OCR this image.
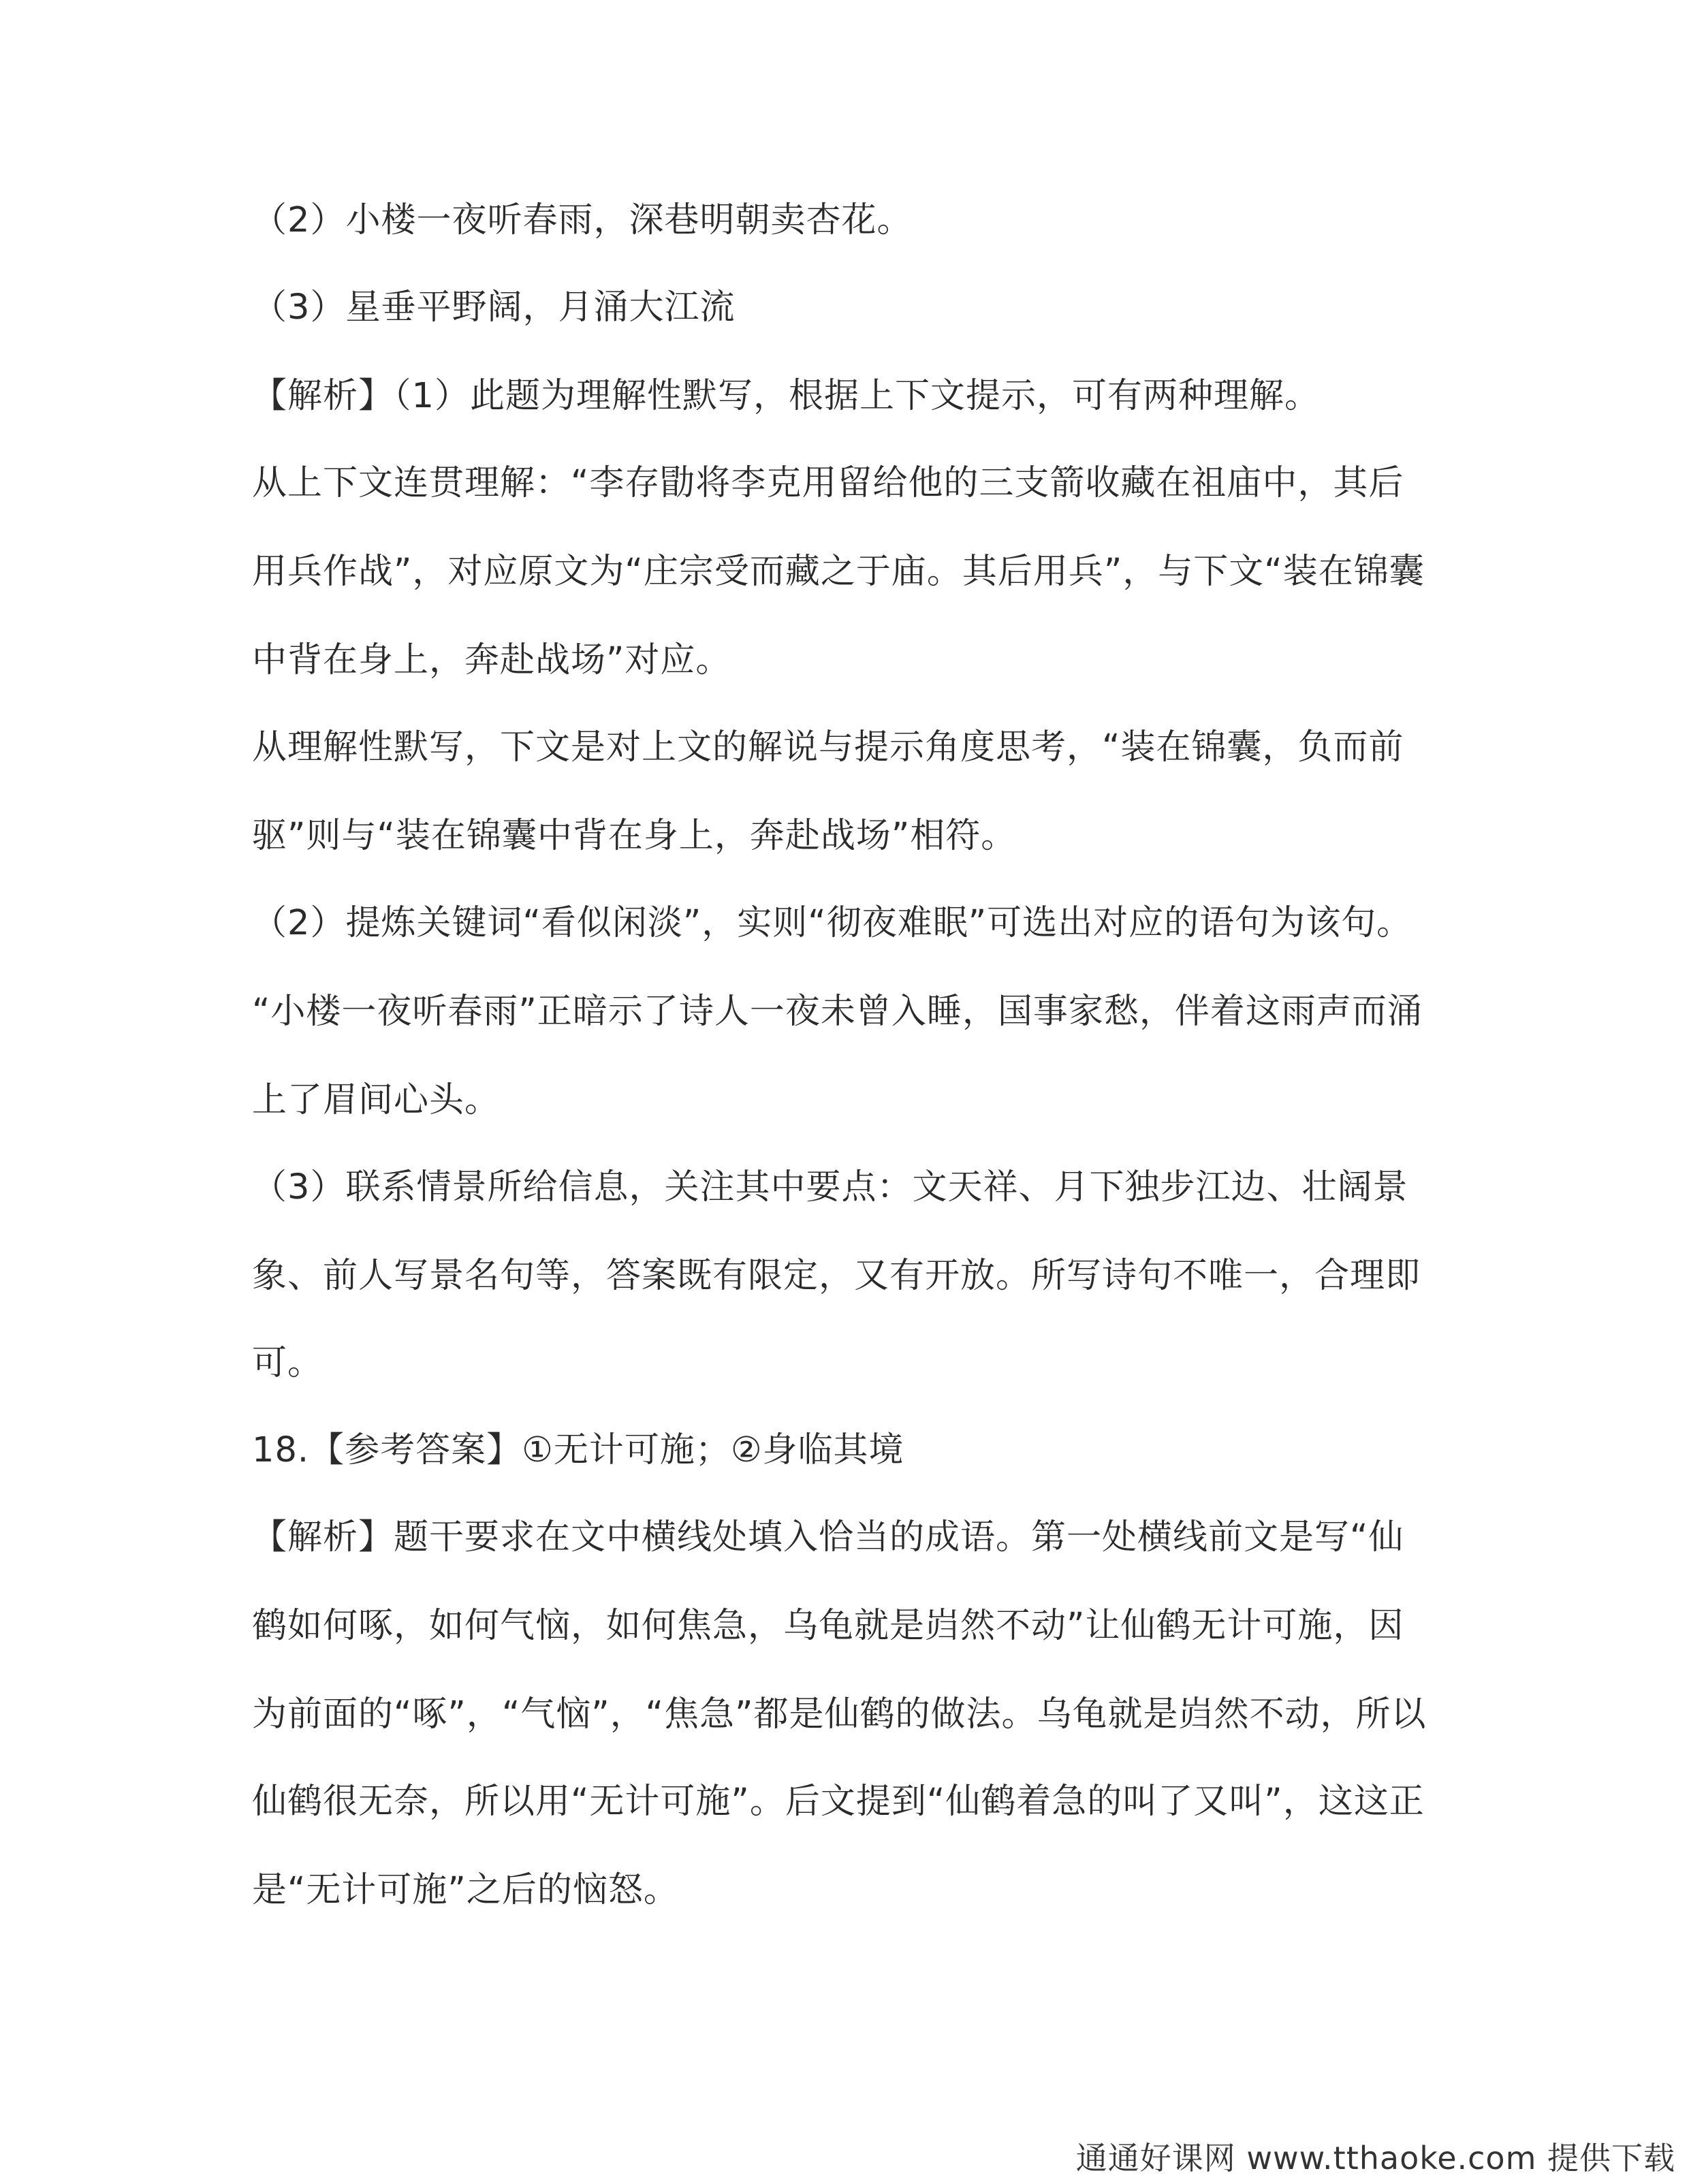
（2）小楼一夜听春雨，深巷明朝卖杏花。
（3）星垂平野阔，月涌大江流
【解析】（1）此题为理解性默写，根据上下文提示，可有两种理解。
从上下文连贯理解：“李存勖将李克用留给他的三支箭收藏在祖庙中，其后
用兵作战”，对应原文为“庄宗受而藏之于庙。其后用兵”，与下文“装在锦囊
中背在身上，奔赴战场”对应。
从理解性默写，下文是对上文的解说与提示角度思考，“装在锦囊，负而前
驱”则与“装在锦囊中背在身上，奔赴战场”相符。
（2）提炼关键词“看似闲淡”，实则“彻夜难眠”可选出对应的语句为该句。
“小楼一夜听春雨”正暗示了诗人一夜未曾入睡，国事家愁，伴着这雨声而涌
上了眉间心头。
（3）联系情景所给信息，关注其中要点：文天祥、月下独步江边、壮阔景
象、前人写景名句等，答案既有限定，又有开放。所写诗句不唯一，合理即
可。
18.【参考答案】①无计可施；②身临其境
【解析】题干要求在文中横线处填入恰当的成语。第一处横线前文是写“仙
鹤如何啄，如何气恼，如何焦急，乌龟就是岿然不动”让仙鹤无计可施，因
为前面的“啄”，“气恼”，“焦急”都是仙鹤的做法。乌龟就是岿然不动，所以
仙鹤很无奈，所以用“无计可施”。后文提到“仙鹤着急的叫了又叫”，这这正
是“无计可施”之后的恼怒。
通通好课网 www.tthaoke.com 提供下载
